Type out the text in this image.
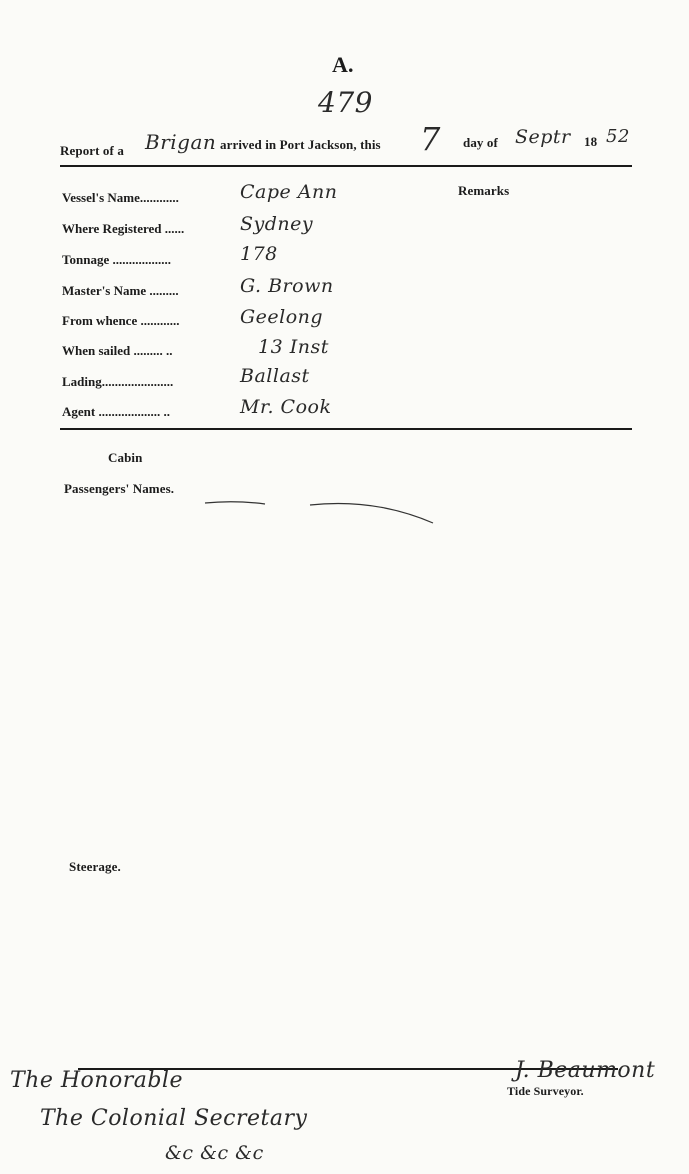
A.
479
Report of a Brigan arrived in Port Jackson, this 7 day of Septr 18 52
Remarks
Vessel's Name............	Cape Ann
Where Registered ......	Sydney
Tonnage ..................	178
Master's Name .........	G. Brown
From whence ............	Geelong
When sailed ......... ..	13 Inst
Lading......................	Ballast
Agent ................... ..	Mr. Cook
Cabin
Passengers' Names.
Steerage.
J. Beaumont
Tide Surveyor.
The Honorable
The Colonial Secretary
&c &c &c
